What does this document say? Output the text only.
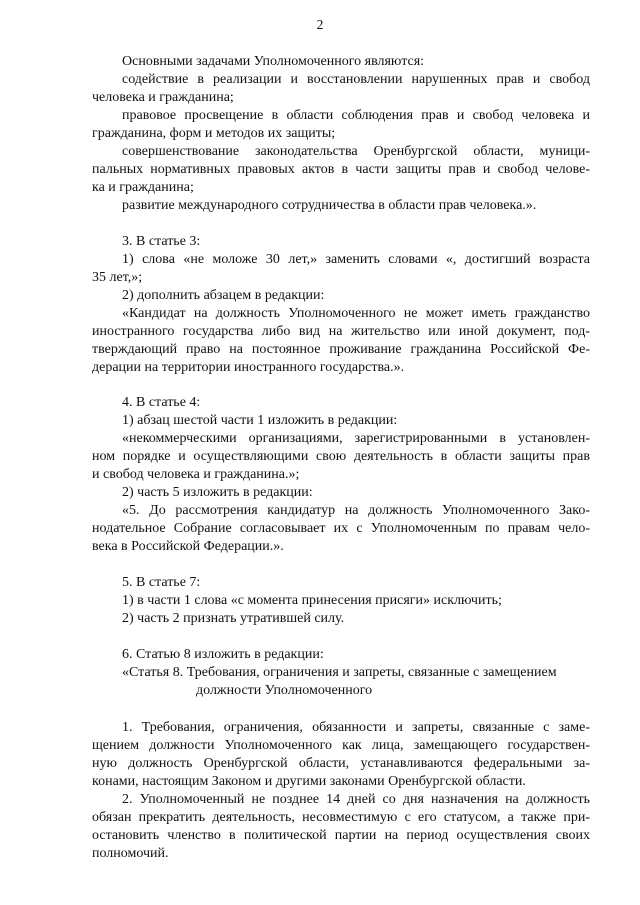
2
Основными задачами Уполномоченного являются:
содействие в реализации и восстановлении нарушенных прав и свобод
человека и гражданина;
правовое просвещение в области соблюдения прав и свобод человека и
гражданина, форм и методов их защиты;
совершенствование законодательства Оренбургской области, муници-
пальных нормативных правовых актов в части защиты прав и свобод челове-
ка и гражданина;
развитие международного сотрудничества в области прав человека.».
3. В статье 3:
1) слова «не моложе 30 лет,» заменить словами «, достигший возраста
35 лет,»;
2) дополнить абзацем в редакции:
«Кандидат на должность Уполномоченного не может иметь гражданство
иностранного государства либо вид на жительство или иной документ, под-
тверждающий право на постоянное проживание гражданина Российской Фе-
дерации на территории иностранного государства.».
4. В статье 4:
1) абзац шестой части 1 изложить в редакции:
«некоммерческими организациями, зарегистрированными в установлен-
ном порядке и осуществляющими свою деятельность в области защиты прав
и свобод человека и гражданина.»;
2) часть 5 изложить в редакции:
«5. До рассмотрения кандидатур на должность Уполномоченного Зако-
нодательное Собрание согласовывает их с Уполномоченным по правам чело-
века в Российской Федерации.».
5. В статье 7:
1) в части 1 слова «с момента принесения присяги» исключить;
2) часть 2 признать утратившей силу.
6. Статью 8 изложить в редакции:
«Статья 8. Требования, ограничения и запреты, связанные с замещением
должности Уполномоченного
1. Требования, ограничения, обязанности и запреты, связанные с заме-
щением должности Уполномоченного как лица, замещающего государствен-
ную должность Оренбургской области, устанавливаются федеральными за-
конами, настоящим Законом и другими законами Оренбургской области.
2. Уполномоченный не позднее 14 дней со дня назначения на должность
обязан прекратить деятельность, несовместимую с его статусом, а также при-
остановить членство в политической партии на период осуществления своих
полномочий.
